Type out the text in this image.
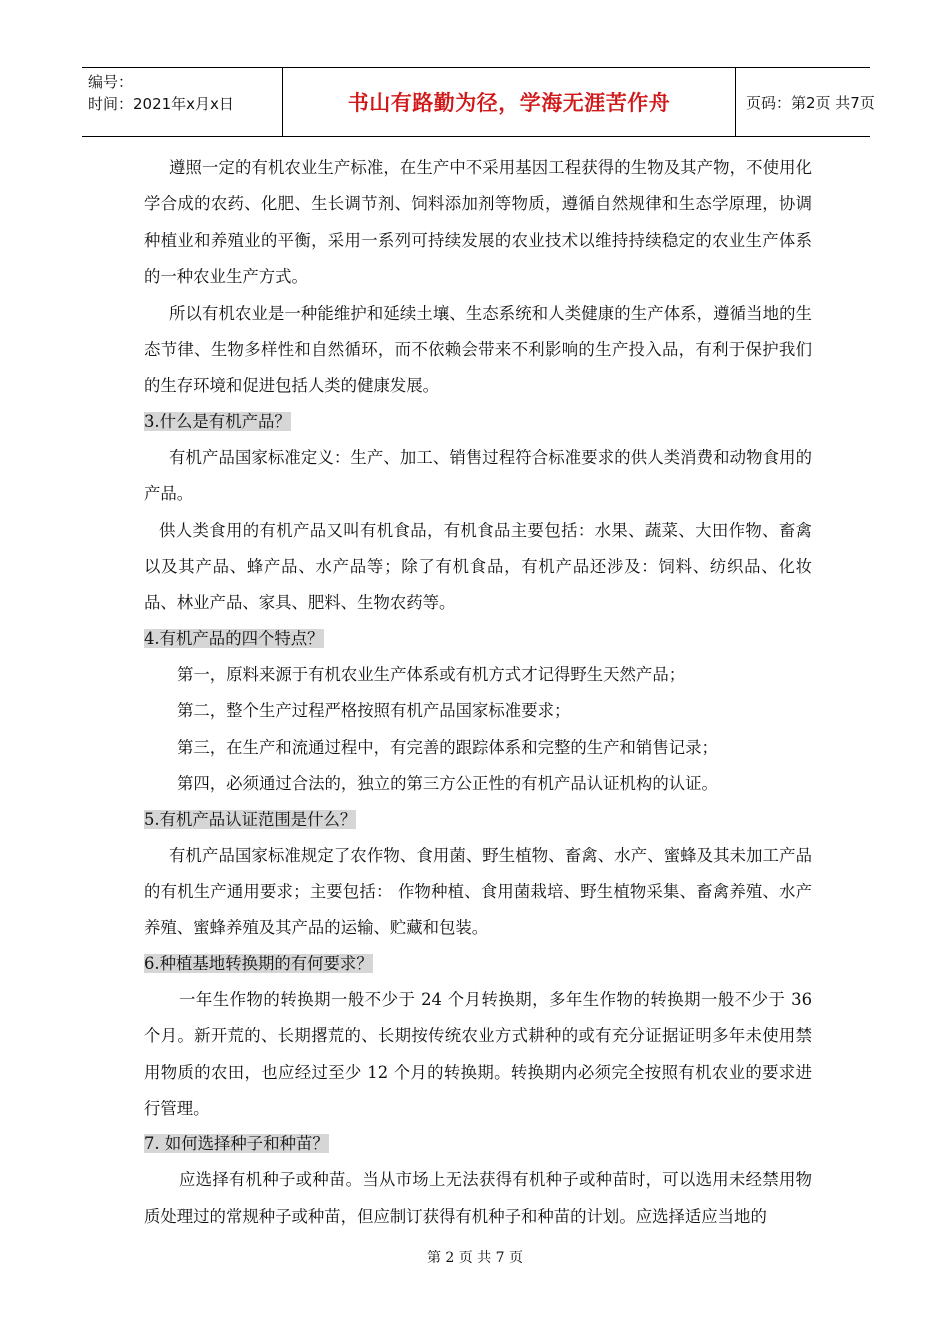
编号：
时间：2021年x月x日	书山有路勤为径，学海无涯苦作舟	页码：第2页 共7页

遵照一定的有机农业生产标准，在生产中不采用基因工程获得的生物及其产物，不使用化学合成的农药、化肥、生长调节剂、饲料添加剂等物质，遵循自然规律和生态学原理，协调种植业和养殖业的平衡，采用一系列可持续发展的农业技术以维持持续稳定的农业生产体系的一种农业生产方式。

所以有机农业是一种能维护和延续土壤、生态系统和人类健康的生产体系，遵循当地的生态节律、生物多样性和自然循环，而不依赖会带来不利影响的生产投入品，有利于保护我们的生存环境和促进包括人类的健康发展。

3.什么是有机产品？

有机产品国家标准定义：生产、加工、销售过程符合标准要求的供人类消费和动物食用的产品。

供人类食用的有机产品又叫有机食品，有机食品主要包括：水果、蔬菜、大田作物、畜禽以及其产品、蜂产品、水产品等；除了有机食品，有机产品还涉及：饲料、纺织品、化妆品、林业产品、家具、肥料、生物农药等。

4.有机产品的四个特点？

第一，原料来源于有机农业生产体系或有机方式才记得野生天然产品；

第二，整个生产过程严格按照有机产品国家标准要求；

第三，在生产和流通过程中，有完善的跟踪体系和完整的生产和销售记录；

第四，必须通过合法的，独立的第三方公正性的有机产品认证机构的认证。

5.有机产品认证范围是什么？

有机产品国家标准规定了农作物、食用菌、野生植物、畜禽、水产、蜜蜂及其未加工产品的有机生产通用要求；主要包括： 作物种植、食用菌栽培、野生植物采集、畜禽养殖、水产养殖、蜜蜂养殖及其产品的运输、贮藏和包装。

6.种植基地转换期的有何要求？

一年生作物的转换期一般不少于 24 个月转换期，多年生作物的转换期一般不少于 36 个月。新开荒的、长期撂荒的、长期按传统农业方式耕种的或有充分证据证明多年未使用禁用物质的农田，也应经过至少 12 个月的转换期。转换期内必须完全按照有机农业的要求进行管理。

7. 如何选择种子和种苗？

应选择有机种子或种苗。当从市场上无法获得有机种子或种苗时，可以选用未经禁用物质处理过的常规种子或种苗，但应制订获得有机种子和种苗的计划。应选择适应当地的

第 2 页 共 7 页
